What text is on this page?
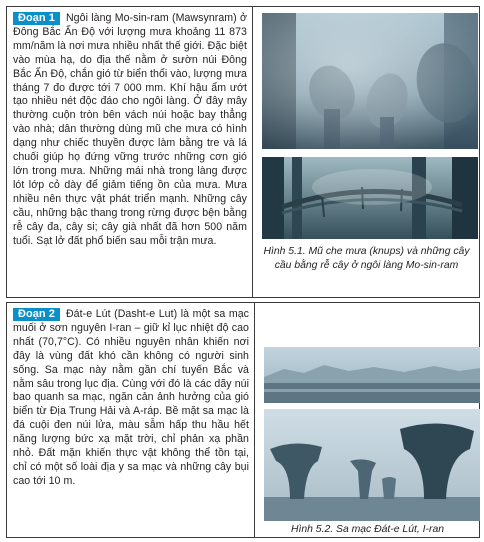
Đoạn 1 Ngôi làng Mo-sin-ram (Mawsynram) ở Đông Bắc Ấn Độ với lượng mưa khoảng 11 873 mm/năm là nơi mưa nhiều nhất thế giới. Đặc biệt vào mùa hạ, do địa thế nằm ở sườn núi Đông Bắc Ấn Độ, chắn gió từ biển thổi vào, lượng mưa tháng 7 đo được tới 7 000 mm. Khí hậu ẩm ướt tạo nhiều nét độc đáo cho ngôi làng. Ở đây mây thường cuộn tròn bên vách núi hoặc bay thẳng vào nhà; dân thường dùng mũ che mưa có hình dạng như chiếc thuyền được làm bằng tre và lá chuối giúp họ đứng vững trước những cơn gió lớn trong mưa. Những mái nhà trong làng được lót lớp cỏ dày để giảm tiếng ồn của mưa. Mưa nhiều nên thực vật phát triển mạnh. Những cây cầu, những bậc thang trong rừng được bện bằng rễ cây đa, cây si; cây già nhất đã hơn 500 năm tuổi. Sạt lở đất phổ biến sau mỗi trận mưa.

Hình 5.1. Mũ che mưa (knups) và những cây cầu bằng rễ cây ở ngôi làng Mo-sin-ram

Đoạn 2 Đát-e Lút (Dasht-e Lut) là một sa mạc muối ở sơn nguyên I-ran – giữ kỉ lục nhiệt độ cao nhất (70,7°C). Có nhiều nguyên nhân khiến nơi đây là vùng đất khó cần không có người sinh sống. Sa mạc này nằm gần chí tuyến Bắc và nằm sâu trong lục địa. Cùng với đó là các dãy núi bao quanh sa mạc, ngăn cản ảnh hưởng của gió biển từ Địa Trung Hải và A-ráp. Bề mặt sa mạc là đá cuội đen núi lửa, màu sẫm hấp thu hầu hết năng lượng bức xạ mặt trời, chỉ phản xạ phần nhỏ. Đất mặn khiến thực vật không thể tồn tại, chỉ có một số loài địa y sa mạc và những cây bụi cao tới 10 m.

Hình 5.2. Sa mạc Đát-e Lút, I-ran
